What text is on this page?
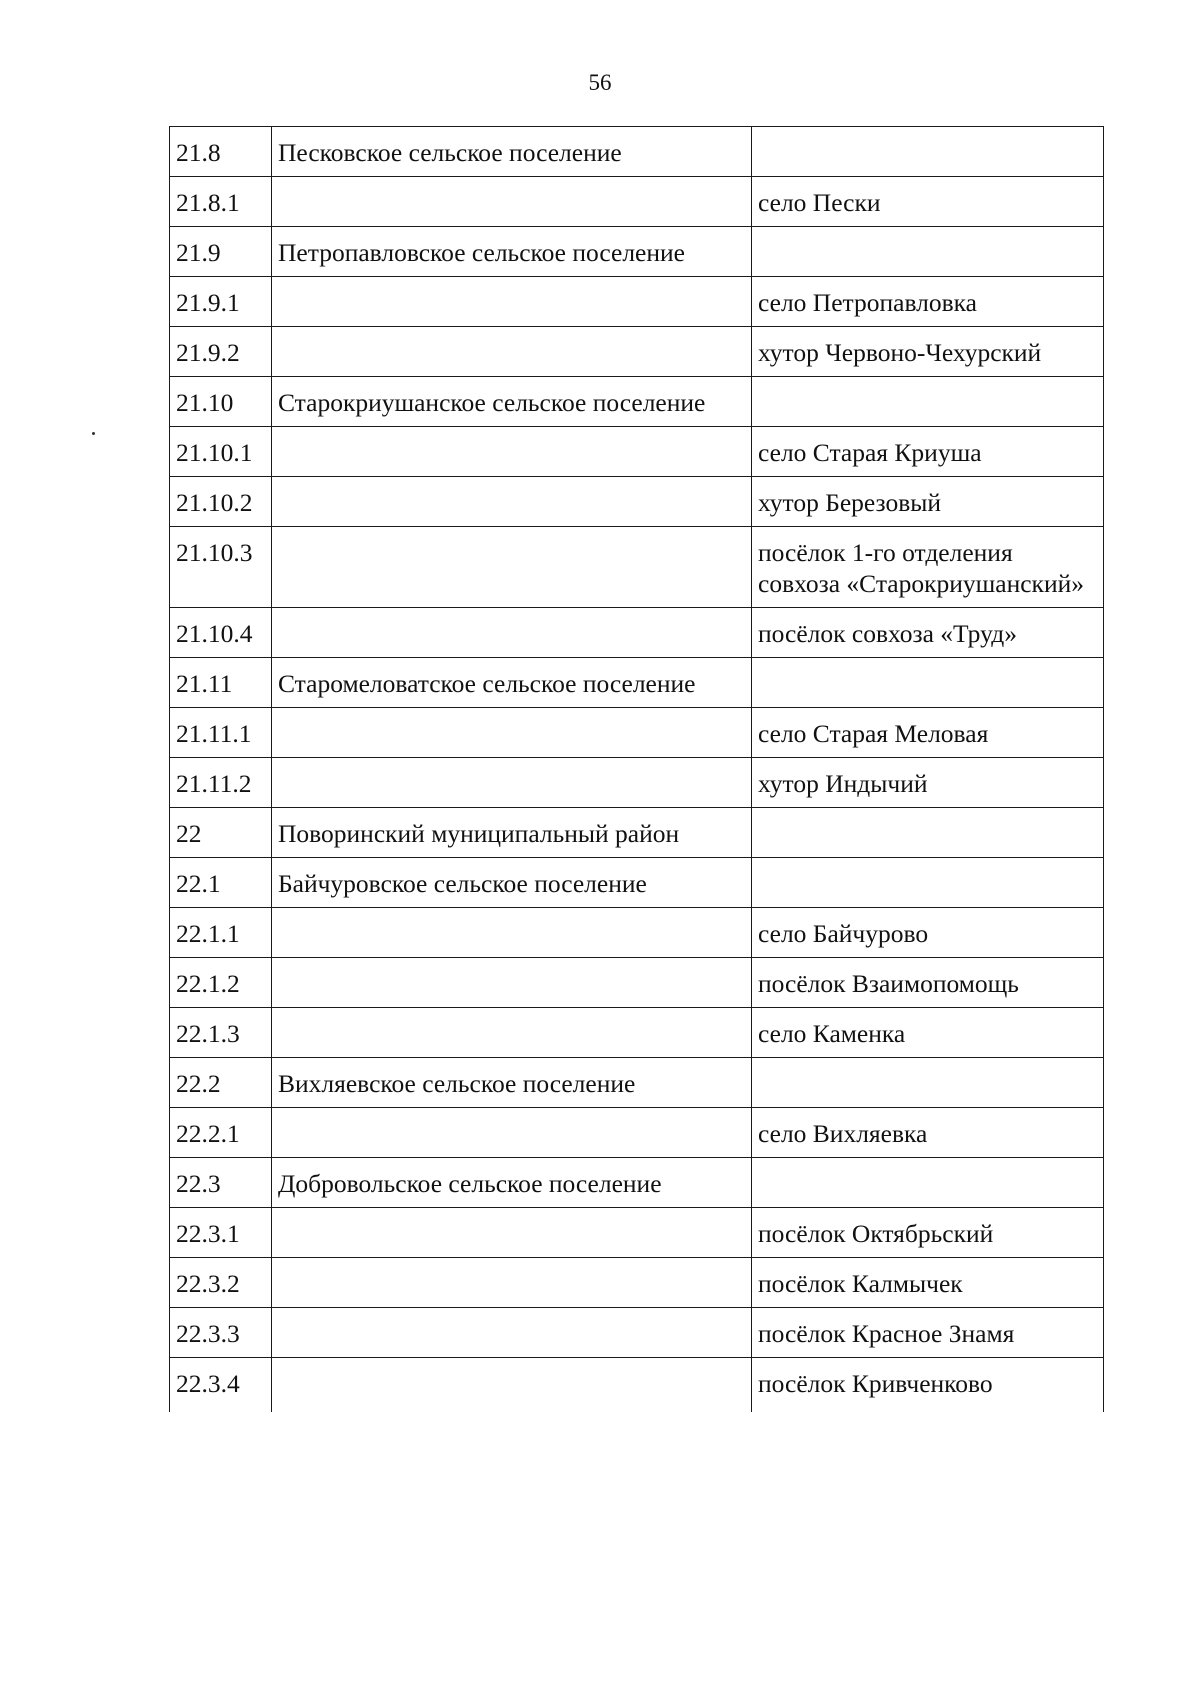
56
21.8	Песковское сельское поселение	
21.8.1		село Пески
21.9	Петропавловское сельское поселение	
21.9.1		село Петропавловка
21.9.2		хутор Червоно-Чехурский
21.10	Старокриушанское сельское поселение	
21.10.1		село Старая Криуша
21.10.2		хутор Березовый
21.10.3		посёлок 1-го отделения совхоза «Старокриушанский»
21.10.4		посёлок совхоза «Труд»
21.11	Старомеловатское сельское поселение	
21.11.1		село Старая Меловая
21.11.2		хутор Индычий
22	Поворинский муниципальный район	
22.1	Байчуровское сельское поселение	
22.1.1		село Байчурово
22.1.2		посёлок Взаимопомощь
22.1.3		село Каменка
22.2	Вихляевское сельское поселение	
22.2.1		село Вихляевка
22.3	Добровольское сельское поселение	
22.3.1		посёлок Октябрьский
22.3.2		посёлок Калмычек
22.3.3		посёлок Красное Знамя
22.3.4		посёлок Кривченково
